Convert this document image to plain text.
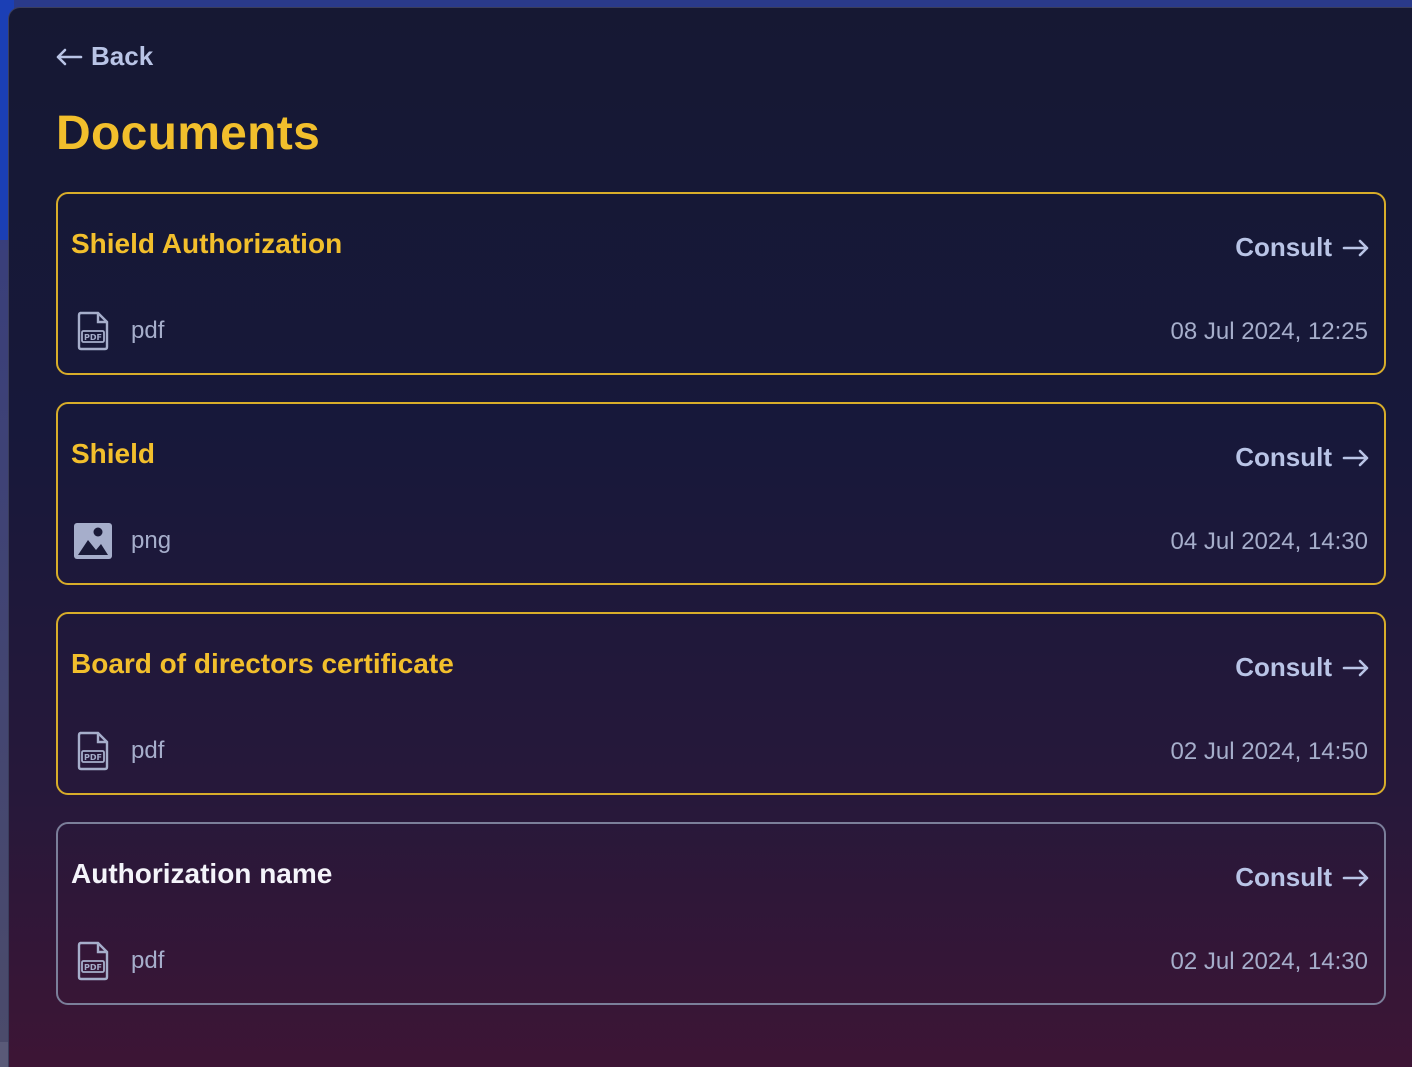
Back
Documents
Shield Authorization	Consult
PDF pdf	08 Jul 2024, 12:25
Shield	Consult
png	04 Jul 2024, 14:30
Board of directors certificate	Consult
PDF pdf	02 Jul 2024, 14:50
Authorization name	Consult
PDF pdf	02 Jul 2024, 14:30
